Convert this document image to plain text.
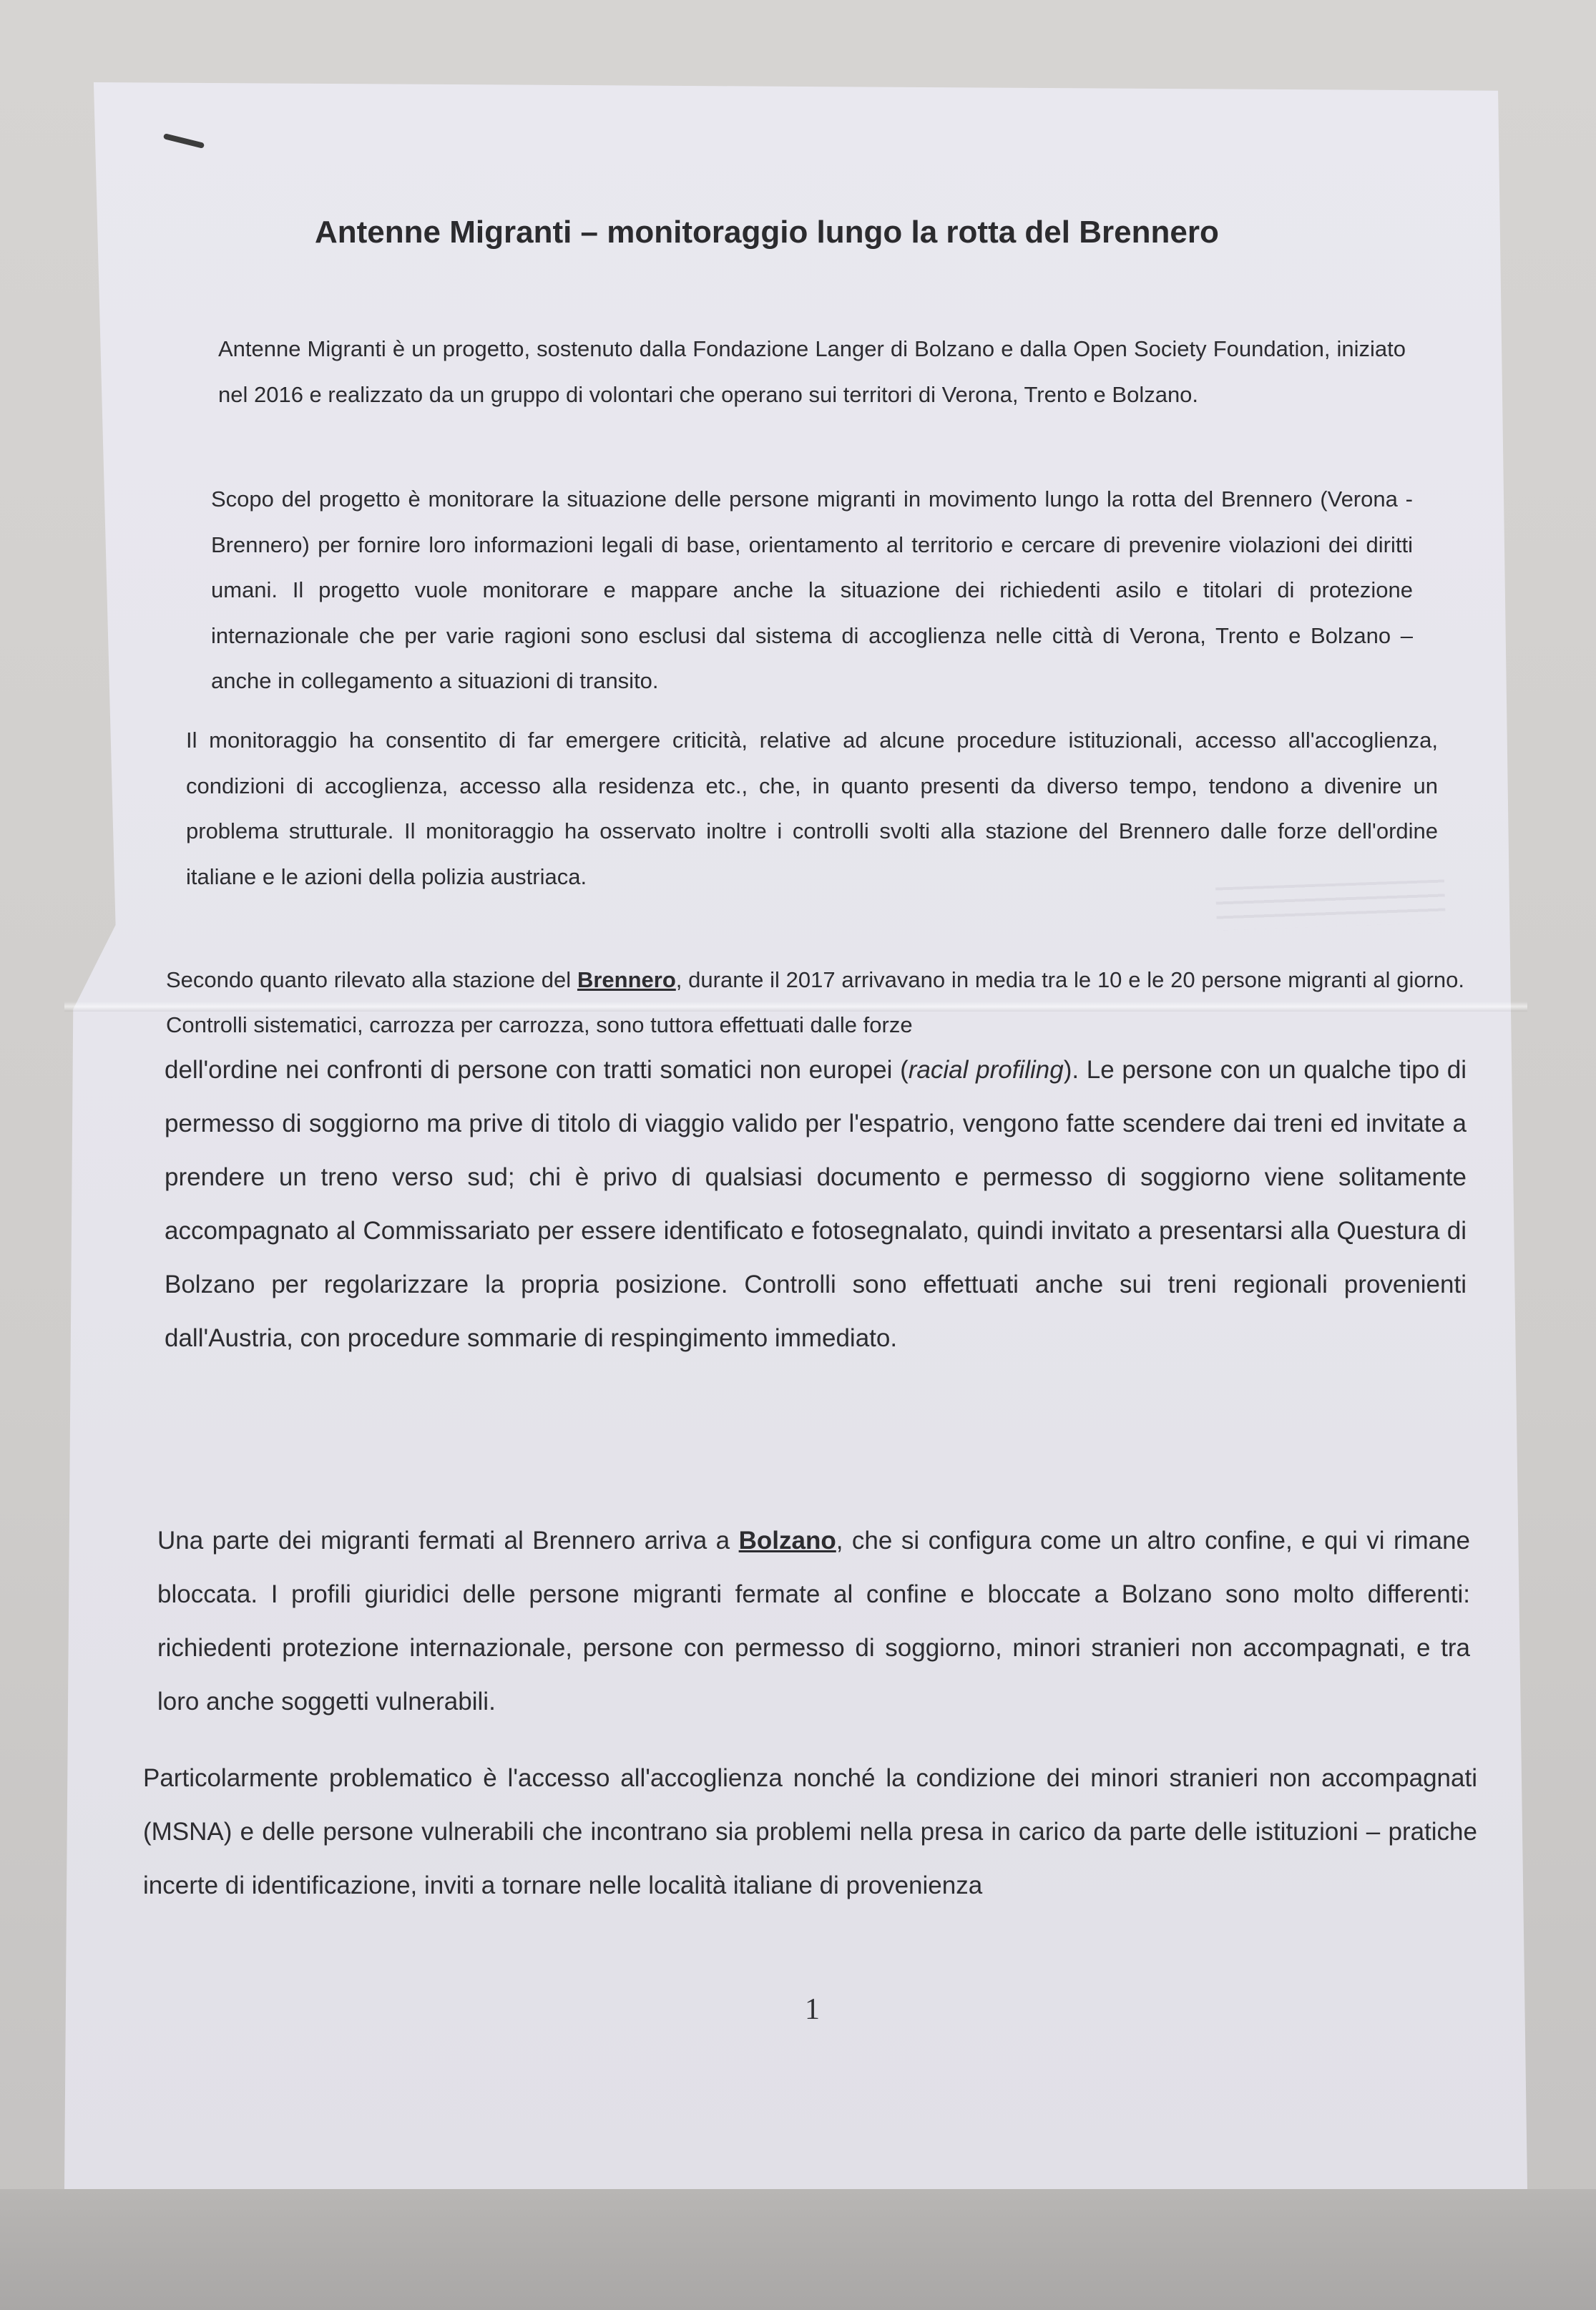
Antenne Migranti – monitoraggio lungo la rotta del Brennero

Antenne Migranti è un progetto, sostenuto dalla Fondazione Langer di Bolzano e dalla Open Society Foundation, iniziato nel 2016 e realizzato da un gruppo di volontari che operano sui territori di Verona, Trento e Bolzano.

Scopo del progetto è monitorare la situazione delle persone migranti in movimento lungo la rotta del Brennero (Verona - Brennero) per fornire loro informazioni legali di base, orientamento al territorio e cercare di prevenire violazioni dei diritti umani. Il progetto vuole monitorare e mappare anche la situazione dei richiedenti asilo e titolari di protezione internazionale che per varie ragioni sono esclusi dal sistema di accoglienza nelle città di Verona, Trento e Bolzano – anche in collegamento a situazioni di transito.

Il monitoraggio ha consentito di far emergere criticità, relative ad alcune procedure istituzionali, accesso all'accoglienza, condizioni di accoglienza, accesso alla residenza etc., che, in quanto presenti da diverso tempo, tendono a divenire un problema strutturale. Il monitoraggio ha osservato inoltre i controlli svolti alla stazione del Brennero dalle forze dell'ordine italiane e le azioni della polizia austriaca.

Secondo quanto rilevato alla stazione del Brennero, durante il 2017 arrivavano in media tra le 10 e le 20 persone migranti al giorno. Controlli sistematici, carrozza per carrozza, sono tuttora effettuati dalle forze

dell'ordine nei confronti di persone con tratti somatici non europei (racial profiling). Le persone con un qualche tipo di permesso di soggiorno ma prive di titolo di viaggio valido per l'espatrio, vengono fatte scendere dai treni ed invitate a prendere un treno verso sud; chi è privo di qualsiasi documento e permesso di soggiorno viene solitamente accompagnato al Commissariato per essere identificato e fotosegnalato, quindi invitato a presentarsi alla Questura di Bolzano per regolarizzare la propria posizione. Controlli sono effettuati anche sui treni regionali provenienti dall'Austria, con procedure sommarie di respingimento immediato.

Una parte dei migranti fermati al Brennero arriva a Bolzano, che si configura come un altro confine, e qui vi rimane bloccata. I profili giuridici delle persone migranti fermate al confine e bloccate a Bolzano sono molto differenti: richiedenti protezione internazionale, persone con permesso di soggiorno, minori stranieri non accompagnati, e tra loro anche soggetti vulnerabili.

Particolarmente problematico è l'accesso all'accoglienza nonché la condizione dei minori stranieri non accompagnati (MSNA) e delle persone vulnerabili che incontrano sia problemi nella presa in carico da parte delle istituzioni – pratiche incerte di identificazione, inviti a tornare nelle località italiane di provenienza

1
